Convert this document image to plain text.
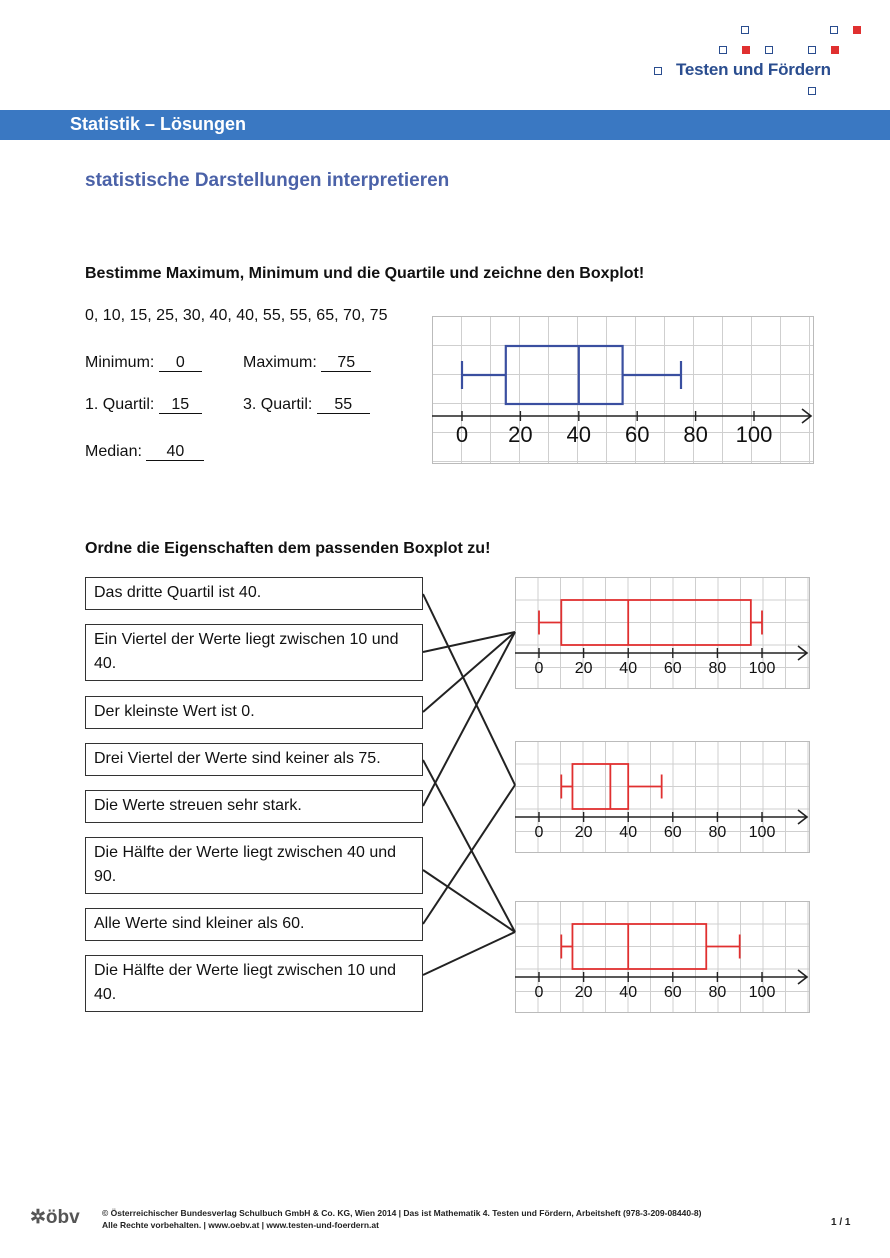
Testen und Fördern
Statistik – Lösungen
statistische Darstellungen interpretieren
Bestimme Maximum, Minimum und die Quartile und zeichne den Boxplot!
0, 10, 15, 25, 30, 40, 40, 55, 55, 65, 70, 75
Minimum: 0	Maximum: 75
1. Quartil: 15	3. Quartil: 55
Median: 40
0 20 40 60 80 100
0 20 40 60 80 100
0 20 40 60 80 100
0 20 40 60 80 100
Ordne die Eigenschaften dem passenden Boxplot zu!
Das dritte Quartil ist 40.
Ein Viertel der Werte liegt zwischen 10 und 40.
Der kleinste Wert ist 0.
Drei Viertel der Werte sind keiner als 75.
Die Werte streuen sehr stark.
Die Hälfte der Werte liegt zwischen 40 und 90.
Alle Werte sind kleiner als 60.
Die Hälfte der Werte liegt zwischen 10 und 40.
✲öbv	© Österreichischer Bundesverlag Schulbuch GmbH & Co. KG, Wien 2014 | Das ist Mathematik 4. Testen und Fördern, Arbeitsheft (978-3-209-08440-8)
Alle Rechte vorbehalten. | www.oebv.at | www.testen-und-foerdern.at	1 / 1
